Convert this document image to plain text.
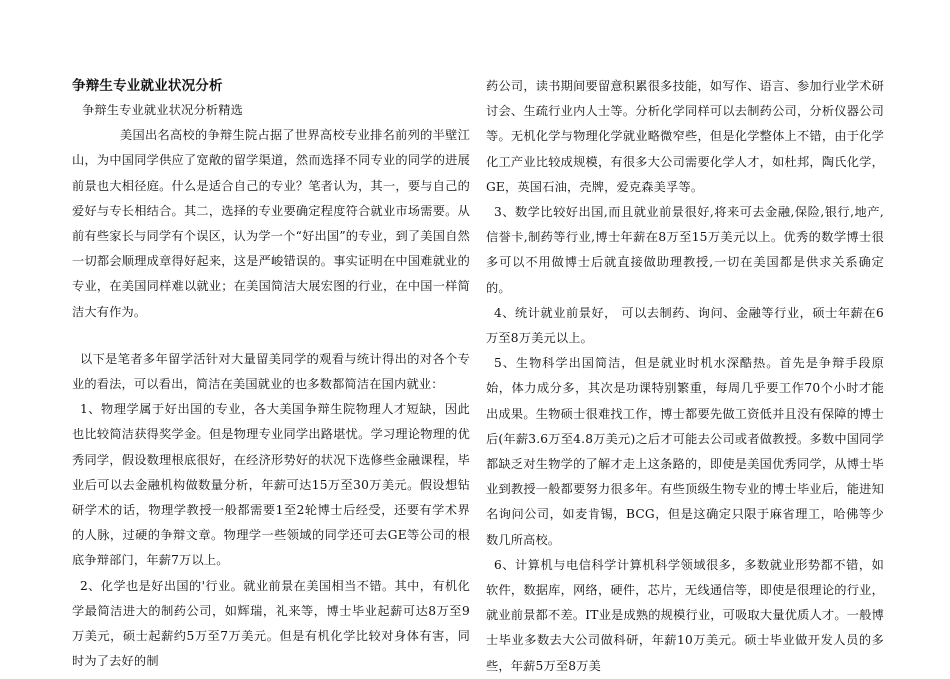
争辩生专业就业状况分析

争辩生专业就业状况分析精选

美国出名高校的争辩生院占据了世界高校专业排名前列的半壁江山，为中国同学供应了宽敞的留学渠道，然而选择不同专业的同学的进展前景也大相径庭。什么是适合自己的专业？笔者认为，其一，要与自己的爱好与专长相结合。其二，选择的专业要确定程度符合就业市场需要。从前有些家长与同学有个误区，认为学一个“好出国”的专业，到了美国自然一切都会顺理成章得好起来，这是严峻错误的。事实证明在中国难就业的专业，在美国同样难以就业；在美国简洁大展宏图的行业，在中国一样简洁大有作为。

以下是笔者多年留学活针对大量留美同学的观看与统计得出的对各个专业的看法，可以看出，简洁在美国就业的也多数都简洁在国内就业：

1、物理学属于好出国的专业，各大美国争辩生院物理人才短缺，因此也比较简洁获得奖学金。但是物理专业同学出路堪忧。学习理论物理的优秀同学，假设数理根底很好，在经济形势好的状况下选修些金融课程，毕业后可以去金融机构做数量分析，年薪可达15万至30万美元。假设想钻研学术的话，物理学教授一般都需要1至2轮博士后经受，还要有学术界的人脉，过硬的争辩文章。物理学一些领域的同学还可去GE等公司的根底争辩部门，年薪7万以上。

2、化学也是好出国的'行业。就业前景在美国相当不错。其中，有机化学最简洁进大的制药公司，如辉瑞，礼来等，博士毕业起薪可达8万至9万美元，硕士起薪约5万至7万美元。但是有机化学比较对身体有害，同时为了去好的制

药公司，读书期间要留意积累很多技能，如写作、语言、参加行业学术研讨会、生疏行业内人士等。分析化学同样可以去制药公司，分析仪器公司等。无机化学与物理化学就业略微窄些，但是化学整体上不错，由于化学化工产业比较成规模，有很多大公司需要化学人才，如杜邦，陶氏化学，GE，英国石油，壳牌，爱克森美孚等。

3、数学比较好出国,而且就业前景很好,将来可去金融,保险,银行,地产,信誉卡,制药等行业,博士年薪在8万至15万美元以上。优秀的数学博士很多可以不用做博士后就直接做助理教授,一切在美国都是供求关系确定的。

4、统计就业前景好， 可以去制药、询问、金融等行业，硕士年薪在6万至8万美元以上。

5、生物科学出国简洁，但是就业时机水深酷热。首先是争辩手段原始，体力成分多，其次是功课特别繁重，每周几乎要工作70个小时才能出成果。生物硕士很难找工作，博士都要先做工资低并且没有保障的博士后(年薪3.6万至4.8万美元)之后才可能去公司或者做教授。多数中国同学都缺乏对生物学的了解才走上这条路的，即使是美国优秀同学，从博士毕业到教授一般都要努力很多年。有些顶级生物专业的博士毕业后，能进知名询问公司，如麦肯锡，BCG，但是这确定只限于麻省理工，哈佛等少数几所高校。

6、计算机与电信科学计算机科学领域很多，多数就业形势都不错，如软件，数据库，网络，硬件，芯片，无线通信等，即使是很理论的行业，就业前景都不差。IT业是成熟的规模行业，可吸取大量优质人才。一般博士毕业多数去大公司做科研，年薪10万美元。硕士毕业做开发人员的多些，年薪5万至8万美
